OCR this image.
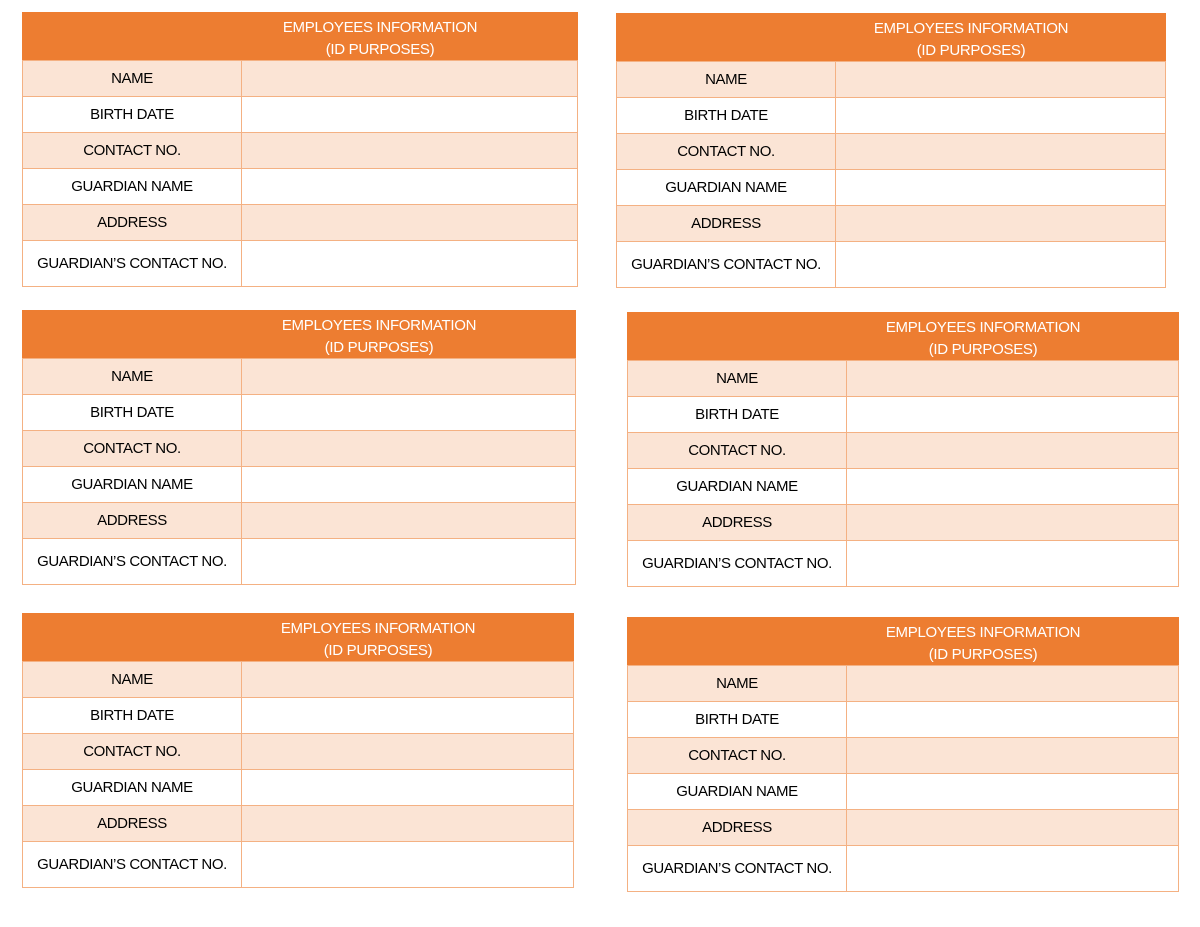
EMPLOYEES INFORMATION
(ID PURPOSES)
NAME	
BIRTH DATE	
CONTACT NO.	
GUARDIAN NAME	
ADDRESS	
GUARDIAN’S CONTACT NO.	
EMPLOYEES INFORMATION
(ID PURPOSES)
NAME	
BIRTH DATE	
CONTACT NO.	
GUARDIAN NAME	
ADDRESS	
GUARDIAN’S CONTACT NO.	
EMPLOYEES INFORMATION
(ID PURPOSES)
NAME	
BIRTH DATE	
CONTACT NO.	
GUARDIAN NAME	
ADDRESS	
GUARDIAN’S CONTACT NO.	
EMPLOYEES INFORMATION
(ID PURPOSES)
NAME	
BIRTH DATE	
CONTACT NO.	
GUARDIAN NAME	
ADDRESS	
GUARDIAN’S CONTACT NO.	
EMPLOYEES INFORMATION
(ID PURPOSES)
NAME	
BIRTH DATE	
CONTACT NO.	
GUARDIAN NAME	
ADDRESS	
GUARDIAN’S CONTACT NO.	
EMPLOYEES INFORMATION
(ID PURPOSES)
NAME	
BIRTH DATE	
CONTACT NO.	
GUARDIAN NAME	
ADDRESS	
GUARDIAN’S CONTACT NO.	
